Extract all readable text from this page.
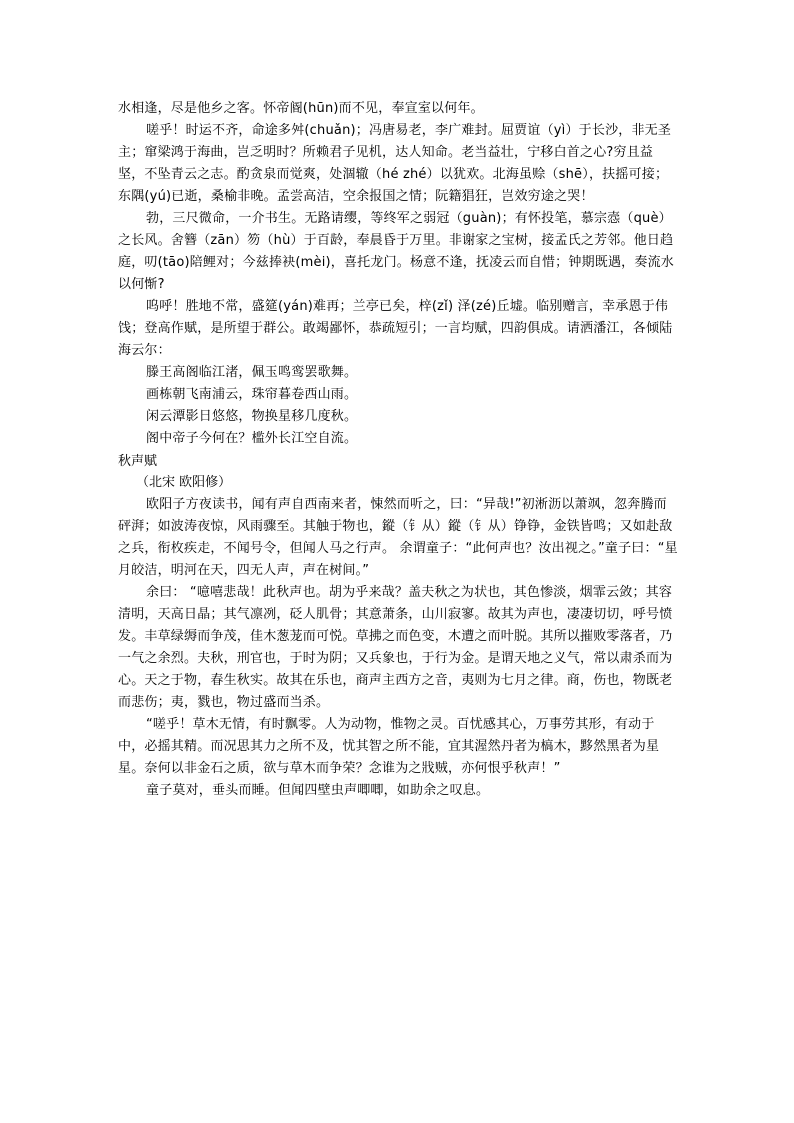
水相逢，尽是他乡之客。怀帝阍(hūn)而不见，奉宣室以何年。

嗟乎！时运不齐，命途多舛(chuǎn)；冯唐易老，李广难封。屈贾谊（yì）于长沙，非无圣主；窜梁鸿于海曲，岂乏明时？所赖君子见机，达人知命。老当益壮，宁移白首之心?穷且益坚，不坠青云之志。酌贪泉而觉爽，处涸辙（hé zhé）以犹欢。北海虽赊（shē），扶摇可接；东隅(yú)已逝，桑榆非晚。孟尝高洁，空余报国之情；阮籍猖狂，岂效穷途之哭！

勃，三尺微命，一介书生。无路请缨，等终军之弱冠（guàn)；有怀投笔，慕宗悫（què）之长风。舍簪（zān）笏（hù）于百龄，奉晨昏于万里。非谢家之宝树，接孟氏之芳邻。他日趋庭，叨(tāo)陪鲤对；今兹捧袂(mèi)，喜托龙门。杨意不逢，抚凌云而自惜；钟期既遇，奏流水以何惭?

呜呼！胜地不常，盛筵(yán)难再；兰亭已矣，梓(zǐ) 泽(zé)丘墟。临别赠言，幸承恩于伟饯；登高作赋，是所望于群公。敢竭鄙怀，恭疏短引；一言均赋，四韵俱成。请洒潘江，各倾陆海云尔：

滕王高阁临江渚，佩玉鸣鸾罢歌舞。

画栋朝飞南浦云，珠帘暮卷西山雨。

闲云潭影日悠悠，物换星移几度秋。

阁中帝子今何在？槛外长江空自流。

秋声赋
（北宋 欧阳修）

欧阳子方夜读书，闻有声自西南来者，悚然而听之，曰：“异哉!”初淅沥以萧飒，忽奔腾而砰湃；如波涛夜惊，风雨骤至。其触于物也，鏦（钅从）鏦（钅从）铮铮，金铁皆鸣；又如赴敌之兵，衔枚疾走，不闻号令，但闻人马之行声。 余谓童子：“此何声也？汝出视之。”童子曰：“星月皎洁，明河在天，四无人声，声在树间。”

余曰： “噫嘻悲哉！此秋声也。胡为乎来哉？盖夫秋之为状也，其色惨淡，烟霏云敛；其容清明，天高日晶；其气凛冽，砭人肌骨；其意萧条，山川寂寥。故其为声也，凄凄切切，呼号愤发。丰草绿缛而争茂，佳木葱茏而可悦。草拂之而色变，木遭之而叶脱。其所以摧败零落者，乃一气之余烈。夫秋，刑官也，于时为阴；又兵象也，于行为金。是谓天地之义气，常以肃杀而为心。天之于物，春生秋实。故其在乐也，商声主西方之音，夷则为七月之律。商，伤也，物既老而悲伤；夷，戮也，物过盛而当杀。

“嗟乎！草木无情，有时飘零。人为动物，惟物之灵。百忧感其心，万事劳其形，有动于中，必摇其精。而况思其力之所不及，忧其智之所不能，宜其渥然丹者为槁木，黟然黑者为星星。奈何以非金石之质，欲与草木而争荣？念谁为之戕贼，亦何恨乎秋声！”

童子莫对，垂头而睡。但闻四壁虫声唧唧，如助余之叹息。
